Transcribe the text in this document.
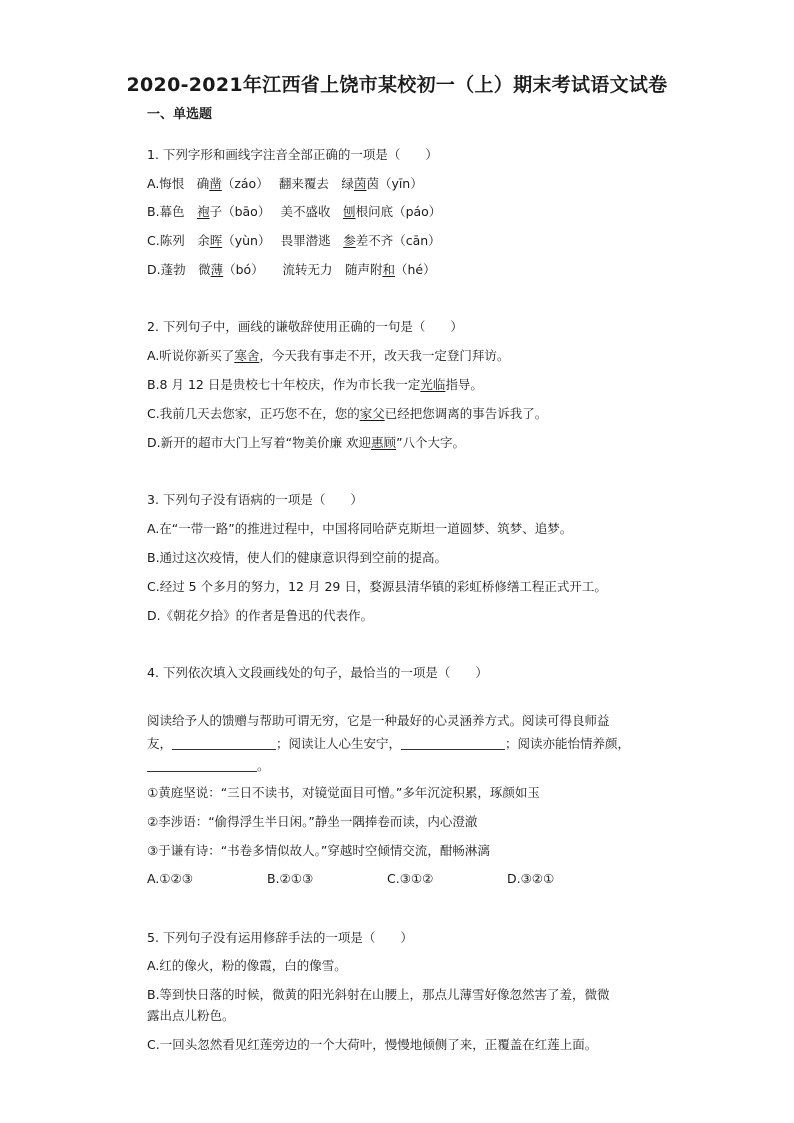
2020-2021年江西省上饶市某校初一（上）期末考试语文试卷
一、单选题
1. 下列字形和画线字注音全部正确的一项是（　　）
A.悔恨　确凿（záo）　 翻来覆去　绿茵茵（yīn）
B.幕色　袍子（bāo）　 美不盛收　刨根问底（páo）
C.陈列　余晖（yùn）　 畏罪潜逃　参差不齐（cān）
D.蓬勃　微薄（bó）　　流转无力　随声附和（hé）
2. 下列句子中，画线的谦敬辞使用正确的一句是（　　）
A.听说你新买了寒舍，今天我有事走不开，改天我一定登门拜访。
B.8 月 12 日是贵校七十年校庆，作为市长我一定光临指导。
C.我前几天去您家，正巧您不在，您的家父已经把您调离的事告诉我了。
D.新开的超市大门上写着“物美价廉 欢迎惠顾”八个大字。
3. 下列句子没有语病的一项是（　　）
A.在“一带一路”的推进过程中，中国将同哈萨克斯坦一道圆梦、筑梦、追梦。
B.通过这次疫情，使人们的健康意识得到空前的提高。
C.经过 5 个多月的努力，12 月 29 日，婺源县清华镇的彩虹桥修缮工程正式开工。
D.《朝花夕拾》的作者是鲁迅的代表作。
4. 下列依次填入文段画线处的句子，最恰当的一项是（　　）
阅读给予人的馈赠与帮助可谓无穷，它是一种最好的心灵涵养方式。阅读可得良师益
友，	；阅读让人心生安宁，	；阅读亦能怡情养颜，
。
①黄庭坚说：“三日不读书，对镜觉面目可憎。”多年沉淀积累，琢颜如玉
②李涉语：“偷得浮生半日闲。”静坐一隅捧卷而读，内心澄澈
③于谦有诗：“书卷多情似故人。”穿越时空倾情交流，酣畅淋漓
A.①②③	B.②①③	C.③①②	D.③②①
5. 下列句子没有运用修辞手法的一项是（　　）
A.红的像火，粉的像霞，白的像雪。
B.等到快日落的时候，微黄的阳光斜射在山腰上，那点儿薄雪好像忽然害了羞，微微
露出点儿粉色。
C.一回头忽然看见红莲旁边的一个大荷叶，慢慢地倾侧了来，正覆盖在红莲上面。
